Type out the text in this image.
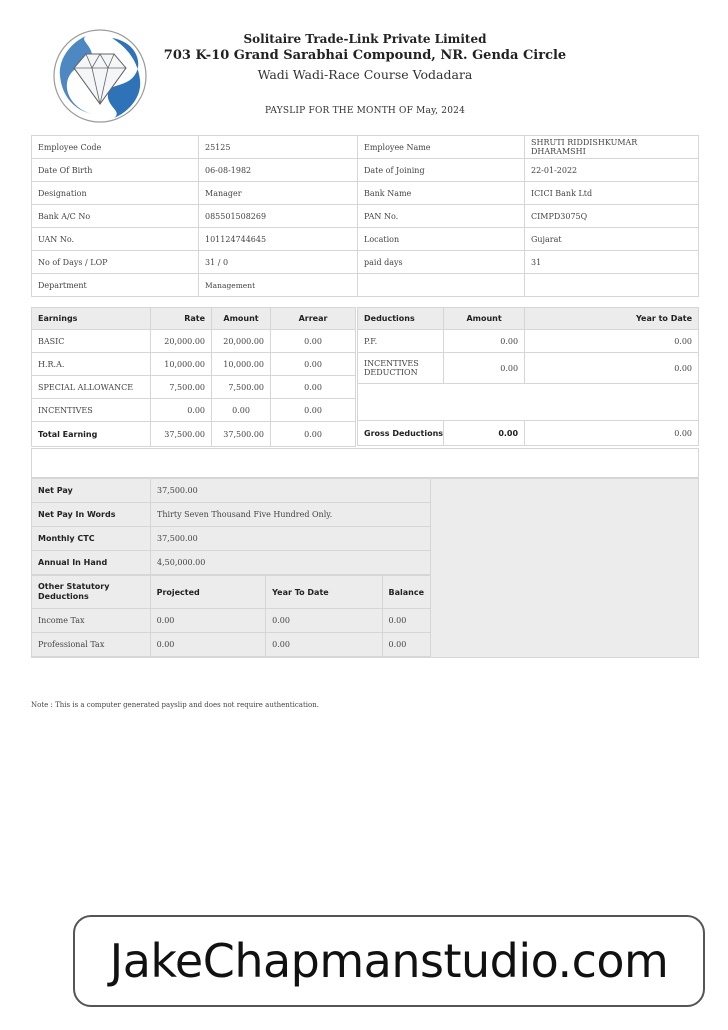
Solitaire Trade-Link Private Limited
703 K-10 Grand Sarabhai Compound, NR. Genda Circle
Wadi Wadi-Race Course Vodadara
PAYSLIP FOR THE MONTH OF May, 2024
Employee Code	25125	Employee Name	SHRUTI RIDDISHKUMAR DHARAMSHI
Date Of Birth	06-08-1982	Date of Joining	22-01-2022
Designation	Manager	Bank Name	ICICI Bank Ltd
Bank A/C No	085501508269	PAN No.	CIMPD3075Q
UAN No.	101124744645	Location	Gujarat
No of Days / LOP	31 / 0	paid days	31
Department	Management		
Earnings	Rate	Amount	Arrear
BASIC	20,000.00	20,000.00	0.00
H.R.A.	10,000.00	10,000.00	0.00
SPECIAL ALLOWANCE	7,500.00	7,500.00	0.00
INCENTIVES	0.00	0.00	0.00
Total Earning	37,500.00	37,500.00	0.00
Deductions	Amount	Year to Date
P.F.	0.00	0.00
INCENTIVES DEDUCTION	0.00	0.00

Gross Deductions	0.00	0.00
Net Pay	37,500.00
Net Pay In Words	Thirty Seven Thousand Five Hundred Only.
Monthly CTC	37,500.00
Annual In Hand	4,50,000.00
Other Statutory Deductions	Projected	Year To Date	Balance
Income Tax	0.00	0.00	0.00
Professional Tax	0.00	0.00	0.00
Note : This is a computer generated payslip and does not require authentication.
JakeChapmanstudio.com
